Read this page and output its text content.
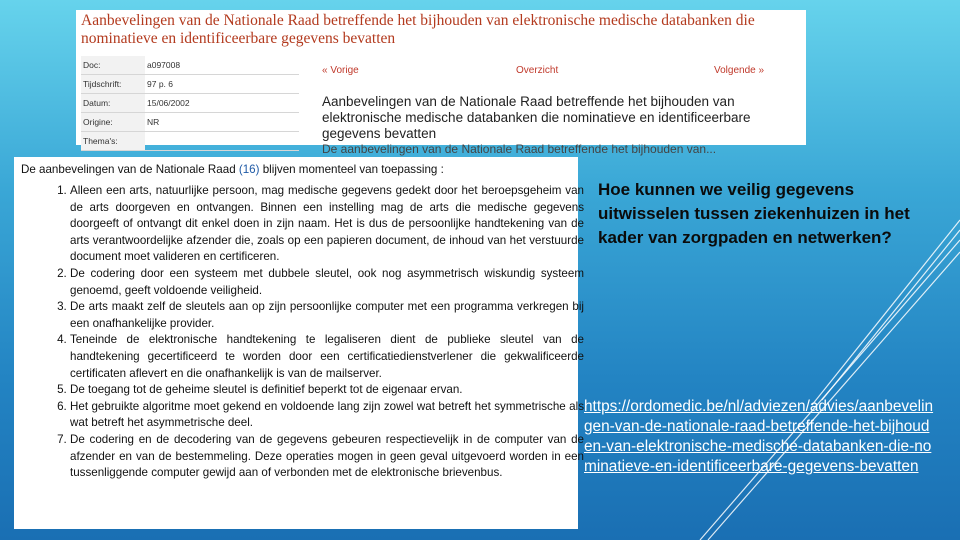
Aanbevelingen van de Nationale Raad betreffende het bijhouden van elektronische medische databanken die nominatieve en identificeerbare gegevens bevatten
Doc:	a097008
Tijdschrift:	97 p. 6
Datum:	15/06/2002
Origine:	NR
Thema's:	
« Vorige	Overzicht	Volgende »
Aanbevelingen van de Nationale Raad betreffende het bijhouden van elektronische medische databanken die nominatieve en identificeerbare gegevens bevatten
De aanbevelingen van de Nationale Raad betreffende het bijhouden van...
De aanbevelingen van de Nationale Raad (16) blijven momenteel van toepassing :
1. Alleen een arts, natuurlijke persoon, mag medische gegevens gedekt door het beroepsgeheim van de arts doorgeven en ontvangen. Binnen een instelling mag de arts die medische gegevens doorgeeft of ontvangt dit enkel doen in zijn naam. Het is dus de persoonlijke handtekening van de arts verantwoordelijke afzender die, zoals op een papieren document, de inhoud van het verstuurde document moet valideren en certificeren.
2. De codering door een systeem met dubbele sleutel, ook nog asymmetrisch wiskundig systeem genoemd, geeft voldoende veiligheid.
3. De arts maakt zelf de sleutels aan op zijn persoonlijke computer met een programma verkregen bij een onafhankelijke provider.
4. Teneinde de elektronische handtekening te legaliseren dient de publieke sleutel van de handtekening gecertificeerd te worden door een certificatiedienstverlener die gekwalificeerde certificaten aflevert en die onafhankelijk is van de mailserver.
5. De toegang tot de geheime sleutel is definitief beperkt tot de eigenaar ervan.
6. Het gebruikte algoritme moet gekend en voldoende lang zijn zowel wat betreft het symmetrische als wat betreft het asymmetrische deel.
7. De codering en de decodering van de gegevens gebeuren respectievelijk in de computer van de afzender en van de bestemmeling. Deze operaties mogen in geen geval uitgevoerd worden in een tussenliggende computer gewijd aan of verbonden met de elektronische brievenbus.
Hoe kunnen we veilig gegevens uitwisselen tussen ziekenhuizen in het kader van zorgpaden en netwerken?
https://ordomedic.be/nl/adviezen/advies/aanbevelingen-van-de-nationale-raad-betreffende-het-bijhouden-van-elektronische-medische-databanken-die-nominatieve-en-identificeerbare-gegevens-bevatten
